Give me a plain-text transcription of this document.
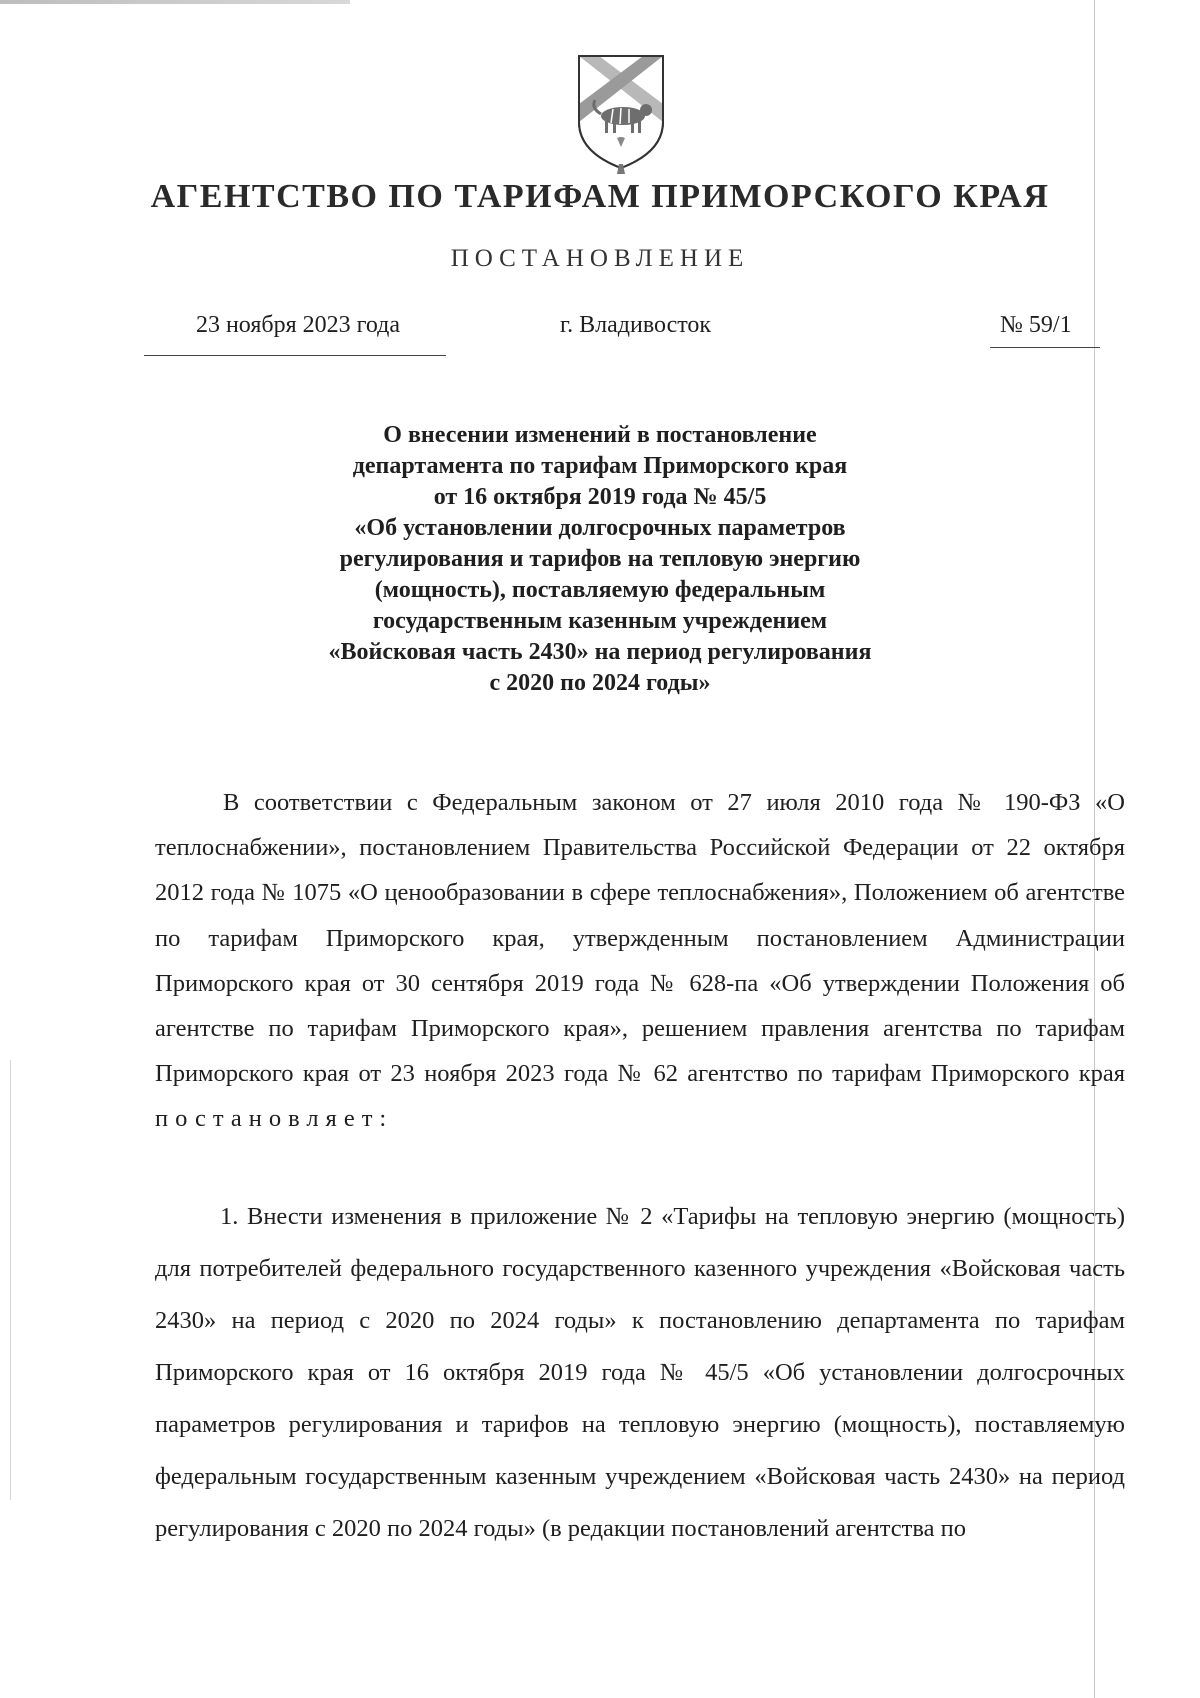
АГЕНТСТВО ПО ТАРИФАМ ПРИМОРСКОГО КРАЯ
ПОСТАНОВЛЕНИЕ
23 ноября 2023 года	г. Владивосток	№ 59/1
О внесении изменений в постановление
департамента по тарифам Приморского края
от 16 октября 2019 года № 45/5
«Об установлении долгосрочных параметров
регулирования и тарифов на тепловую энергию
(мощность), поставляемую федеральным
государственным казенным учреждением
«Войсковая часть 2430» на период регулирования
с 2020 по 2024 годы»

В соответствии с Федеральным законом от 27 июля 2010 года № 190-ФЗ «О теплоснабжении», постановлением Правительства Российской Федерации от 22 октября 2012 года № 1075 «О ценообразовании в сфере теплоснабжения», Положением об агентстве по тарифам Приморского края, утвержденным постановлением Администрации Приморского края от 30 сентября 2019 года № 628-па «Об утверждении Положения об агентстве по тарифам Приморского края», решением правления агентства по тарифам Приморского края от 23 ноября 2023 года № 62 агентство по тарифам Приморского края постановляет:

1. Внести изменения в приложение № 2 «Тарифы на тепловую энергию (мощность) для потребителей федерального государственного казенного учреждения «Войсковая часть 2430» на период с 2020 по 2024 годы» к постановлению департамента по тарифам Приморского края от 16 октября 2019 года № 45/5 «Об установлении долгосрочных параметров регулирования и тарифов на тепловую энергию (мощность), поставляемую федеральным государственным казенным учреждением «Войсковая часть 2430» на период регулирования с 2020 по 2024 годы» (в редакции постановлений агентства по
